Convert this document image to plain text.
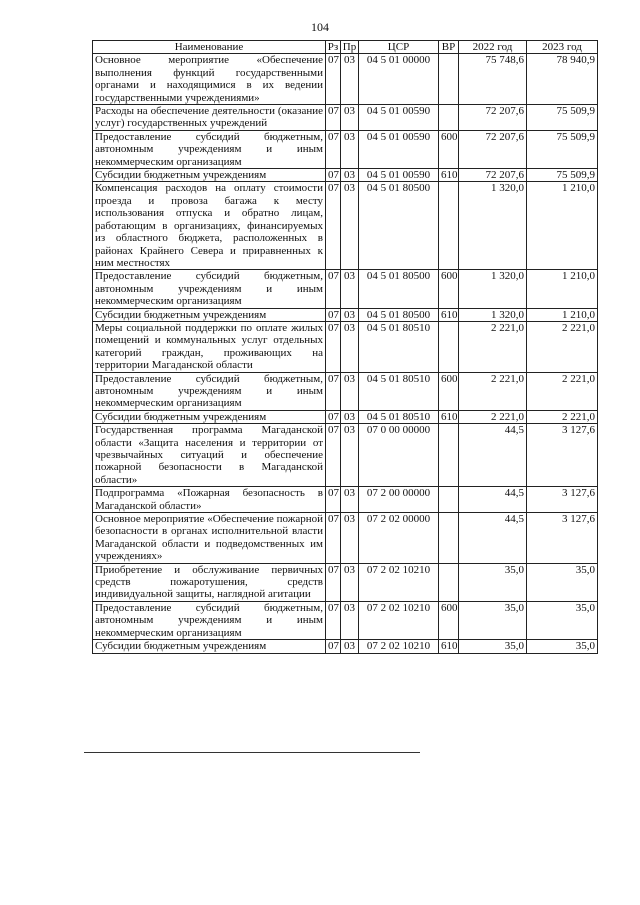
104
Наименование	Рз	Пр	ЦСР	ВР	2022 год	2023 год
Основное мероприятие «Обеспечение выполнения функций государственными органами и находящимися в их ведении государственными учреждениями»	07	03	04 5 01 00000		75 748,6	78 940,9
Расходы на обеспечение деятельности (оказание услуг) государственных учреждений	07	03	04 5 01 00590		72 207,6	75 509,9
Предоставление субсидий бюджетным, автономным учреждениям и иным некоммерческим организациям	07	03	04 5 01 00590	600	72 207,6	75 509,9
Субсидии бюджетным учреждениям	07	03	04 5 01 00590	610	72 207,6	75 509,9
Компенсация расходов на оплату стоимости проезда и провоза багажа к месту использования отпуска и обратно лицам, работающим в организациях, финансируемых из областного бюджета, расположенных в районах Крайнего Севера и приравненных к ним местностях	07	03	04 5 01 80500		1 320,0	1 210,0
Предоставление субсидий бюджетным, автономным учреждениям и иным некоммерческим организациям	07	03	04 5 01 80500	600	1 320,0	1 210,0
Субсидии бюджетным учреждениям	07	03	04 5 01 80500	610	1 320,0	1 210,0
Меры социальной поддержки по оплате жилых помещений и коммунальных услуг отдельных категорий граждан, проживающих на территории Магаданской области	07	03	04 5 01 80510		2 221,0	2 221,0
Предоставление субсидий бюджетным, автономным учреждениям и иным некоммерческим организациям	07	03	04 5 01 80510	600	2 221,0	2 221,0
Субсидии бюджетным учреждениям	07	03	04 5 01 80510	610	2 221,0	2 221,0
Государственная программа Магаданской области «Защита населения и территории от чрезвычайных ситуаций и обеспечение пожарной безопасности в Магаданской области»	07	03	07 0 00 00000		44,5	3 127,6
Подпрограмма «Пожарная безопасность в Магаданской области»	07	03	07 2 00 00000		44,5	3 127,6
Основное мероприятие «Обеспечение пожарной безопасности в органах исполнительной власти Магаданской области и подведомственных им учреждениях»	07	03	07 2 02 00000		44,5	3 127,6
Приобретение и обслуживание первичных средств пожаротушения, средств индивидуальной защиты, наглядной агитации	07	03	07 2 02 10210		35,0	35,0
Предоставление субсидий бюджетным, автономным учреждениям и иным некоммерческим организациям	07	03	07 2 02 10210	600	35,0	35,0
Субсидии бюджетным учреждениям	07	03	07 2 02 10210	610	35,0	35,0
